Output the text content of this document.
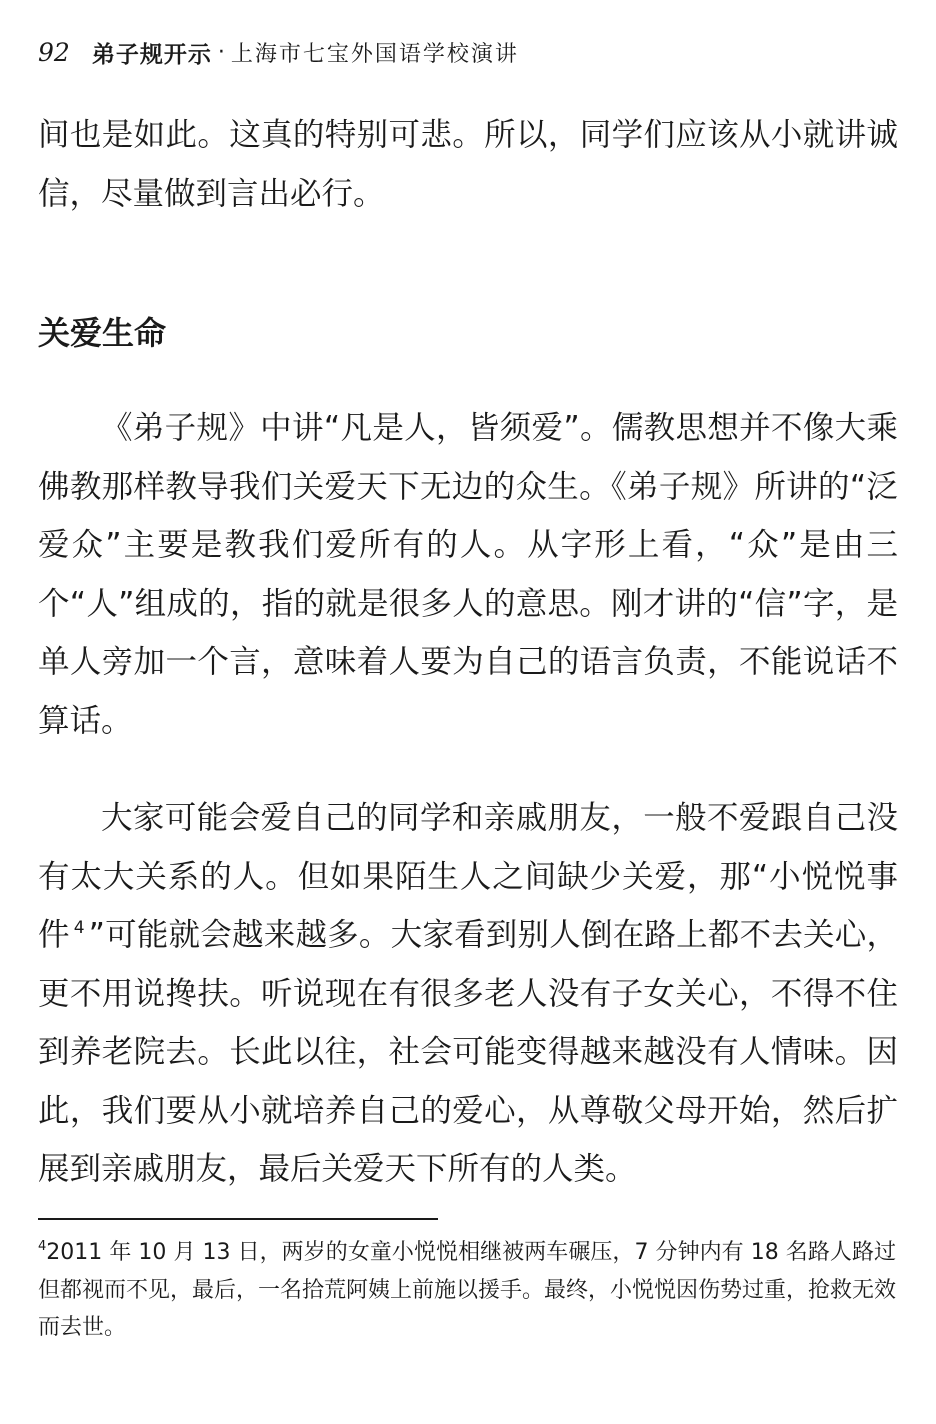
92 弟子规开示 · 上海市七宝外国语学校演讲

间也是如此。这真的特别可悲。所以，同学们应该从小就讲诚信，尽量做到言出必行。

关爱生命

《弟子规》中讲“凡是人，皆须爱”。儒教思想并不像大乘佛教那样教导我们关爱天下无边的众生。《弟子规》所讲的“泛爱众”主要是教我们爱所有的人。从字形上看，“众”是由三个“人”组成的，指的就是很多人的意思。刚才讲的“信”字，是单人旁加一个言，意味着人要为自己的语言负责，不能说话不算话。

大家可能会爱自己的同学和亲戚朋友，一般不爱跟自己没有太大关系的人。但如果陌生人之间缺少关爱，那“小悦悦事件 $^4$ ”可能就会越来越多。大家看到别人倒在路上都不去关心，更不用说搀扶。听说现在有很多老人没有子女关心，不得不住到养老院去。长此以往，社会可能变得越来越没有人情味。因此，我们要从小就培养自己的爱心，从尊敬父母开始，然后扩展到亲戚朋友，最后关爱天下所有的人类。

$^4$2011 年 10 月 13 日，两岁的女童小悦悦相继被两车碾压，7 分钟内有 18 名路人路过但都视而不见，最后，一名拾荒阿姨上前施以援手。最终，小悦悦因伤势过重，抢救无效而去世。
